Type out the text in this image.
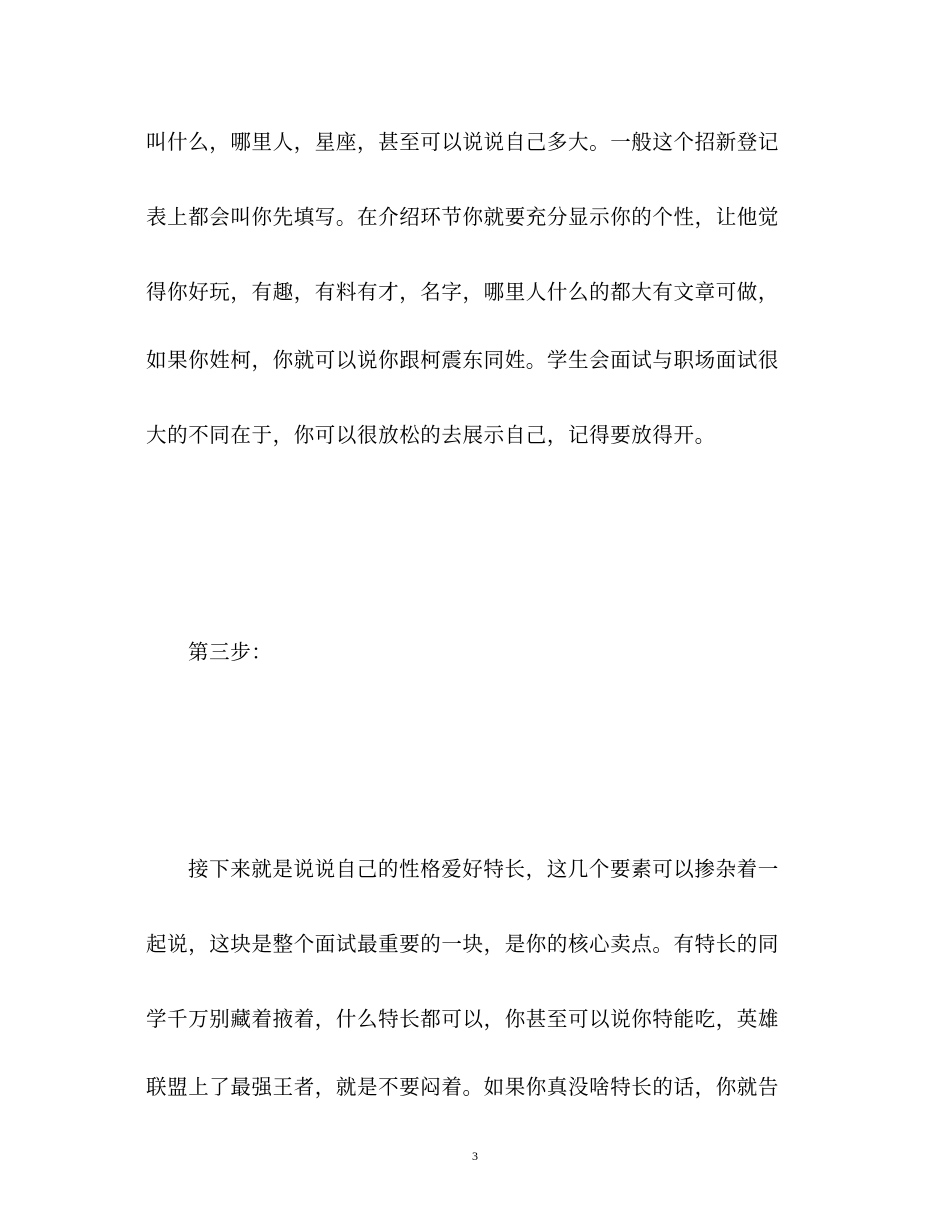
叫什么，哪里人，星座，甚至可以说说自己多大。一般这个招新登记
表上都会叫你先填写。在介绍环节你就要充分显示你的个性，让他觉
得你好玩，有趣，有料有才，名字，哪里人什么的都大有文章可做，
如果你姓柯，你就可以说你跟柯震东同姓。学生会面试与职场面试很
大的不同在于，你可以很放松的去展示自己，记得要放得开。
第三步：
接下来就是说说自己的性格爱好特长，这几个要素可以掺杂着一
起说，这块是整个面试最重要的一块，是你的核心卖点。有特长的同
学千万别藏着掖着，什么特长都可以，你甚至可以说你特能吃，英雄
联盟上了最强王者，就是不要闷着。如果你真没啥特长的话，你就告
3
